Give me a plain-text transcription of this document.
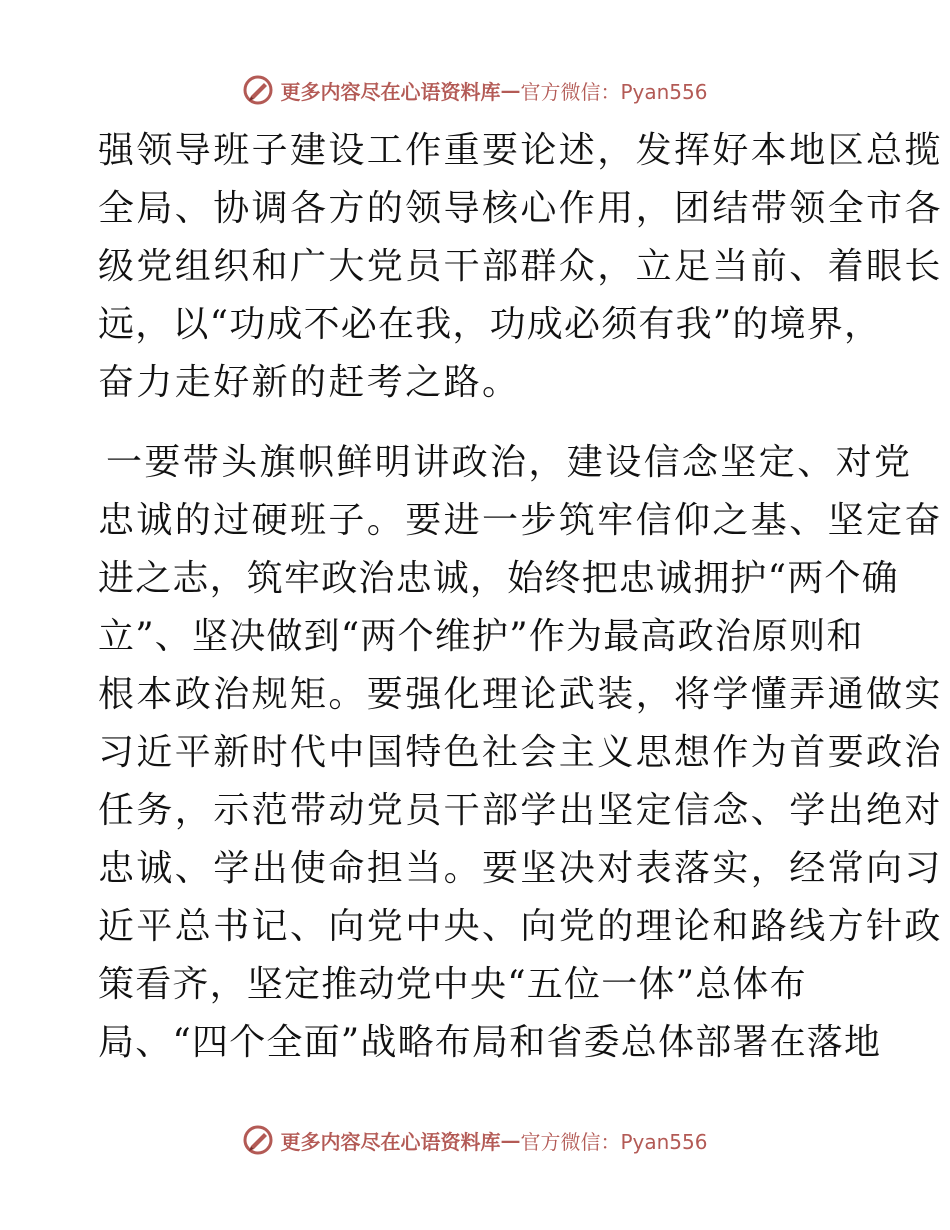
更多内容尽在心语资料库 — 官方微信：Pyan556
强领导班子建设工作重要论述，发挥好本地区总揽
全局、协调各方的领导核心作用，团结带领全市各
级党组织和广大党员干部群众，立足当前、着眼长
远，以“功成不必在我，功成必须有我”的境界，
奋力走好新的赶考之路。
一要带头旗帜鲜明讲政治，建设信念坚定、对党
忠诚的过硬班子。要进一步筑牢信仰之基、坚定奋
进之志，筑牢政治忠诚，始终把忠诚拥护“两个确
立”、坚决做到“两个维护”作为最高政治原则和
根本政治规矩。要强化理论武装，将学懂弄通做实
习近平新时代中国特色社会主义思想作为首要政治
任务，示范带动党员干部学出坚定信念、学出绝对
忠诚、学出使命担当。要坚决对表落实，经常向习
近平总书记、向党中央、向党的理论和路线方针政
策看齐，坚定推动党中央“五位一体”总体布
局、“四个全面”战略布局和省委总体部署在落地
更多内容尽在心语资料库 — 官方微信：Pyan556
